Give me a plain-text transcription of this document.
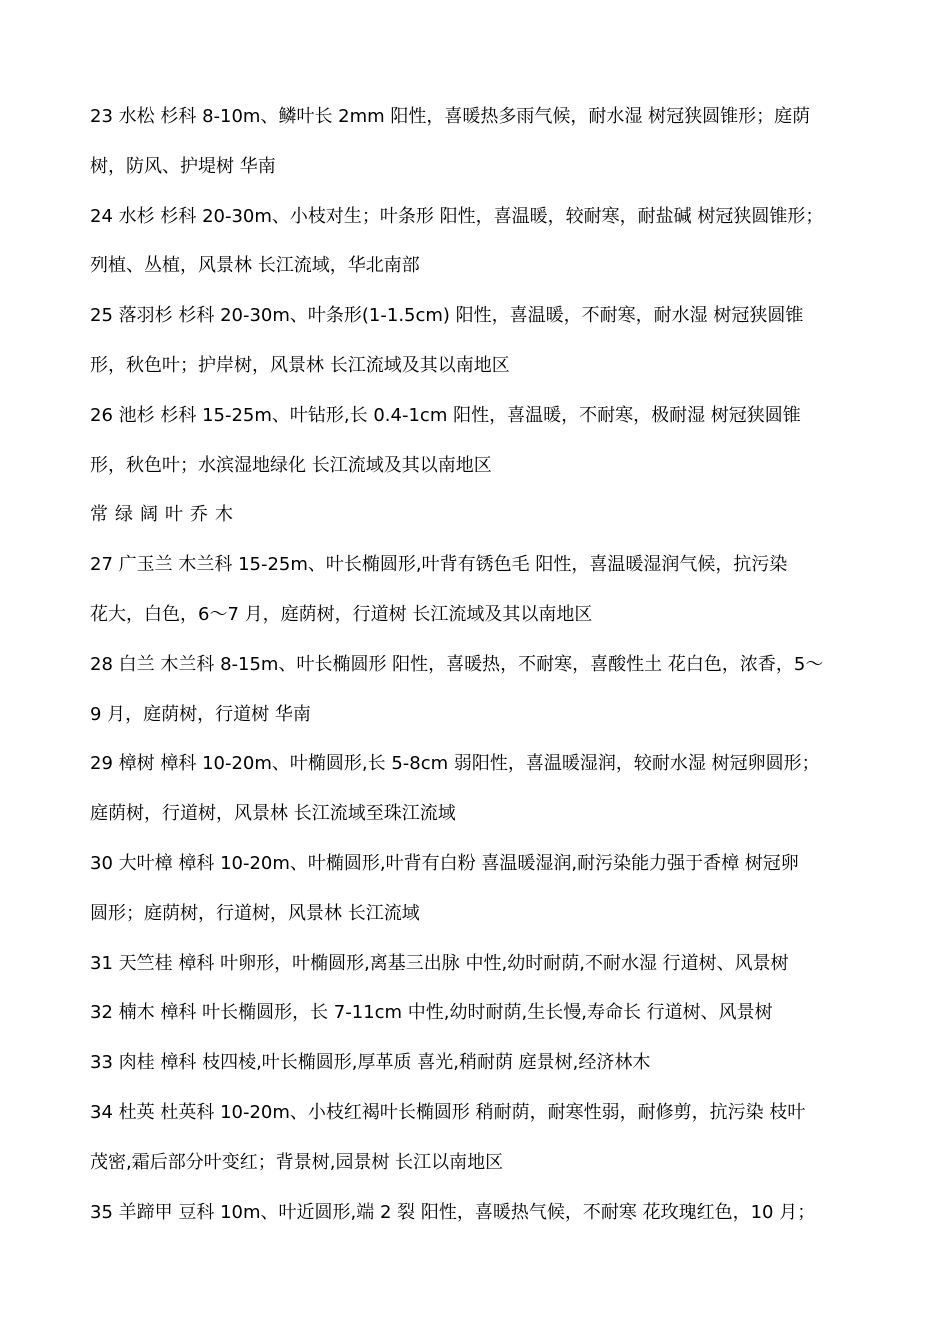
23 水松 杉科 8-10m、鳞叶长 2mm 阳性，喜暖热多雨气候，耐水湿 树冠狭圆锥形；庭荫
树，防风、护堤树 华南
24 水杉 杉科 20-30m、小枝对生；叶条形 阳性，喜温暖，较耐寒，耐盐碱 树冠狭圆锥形；
列植、丛植，风景林 长江流域，华北南部
25 落羽杉 杉科 20-30m、叶条形(1-1.5cm) 阳性，喜温暖，不耐寒，耐水湿 树冠狭圆锥
形，秋色叶；护岸树，风景林 长江流域及其以南地区
26 池杉 杉科 15-25m、叶钻形,长 0.4-1cm 阳性，喜温暖，不耐寒，极耐湿 树冠狭圆锥
形，秋色叶；水滨湿地绿化 长江流域及其以南地区
常绿阔叶乔木
27 广玉兰 木兰科 15-25m、叶长椭圆形,叶背有锈色毛 阳性，喜温暖湿润气候，抗污染
花大，白色，6～7 月，庭荫树，行道树 长江流域及其以南地区
28 白兰 木兰科 8-15m、叶长椭圆形 阳性，喜暖热，不耐寒，喜酸性土 花白色，浓香，5～
9 月，庭荫树，行道树 华南
29 樟树 樟科 10-20m、叶椭圆形,长 5-8cm 弱阳性，喜温暖湿润，较耐水湿 树冠卵圆形；
庭荫树，行道树，风景林 长江流域至珠江流域
30 大叶樟 樟科 10-20m、叶椭圆形,叶背有白粉 喜温暖湿润,耐污染能力强于香樟 树冠卵
圆形；庭荫树，行道树，风景林 长江流域
31 天竺桂 樟科 叶卵形，叶椭圆形,离基三出脉 中性,幼时耐荫,不耐水湿 行道树、风景树
32 楠木 樟科 叶长椭圆形，长 7-11cm 中性,幼时耐荫,生长慢,寿命长 行道树、风景树
33 肉桂 樟科 枝四棱,叶长椭圆形,厚革质 喜光,稍耐荫 庭景树,经济林木
34 杜英 杜英科 10-20m、小枝红褐叶长椭圆形 稍耐荫，耐寒性弱，耐修剪，抗污染 枝叶
茂密,霜后部分叶变红；背景树,园景树 长江以南地区
35 羊蹄甲 豆科 10m、叶近圆形,端 2 裂 阳性，喜暖热气候，不耐寒 花玫瑰红色，10 月；
